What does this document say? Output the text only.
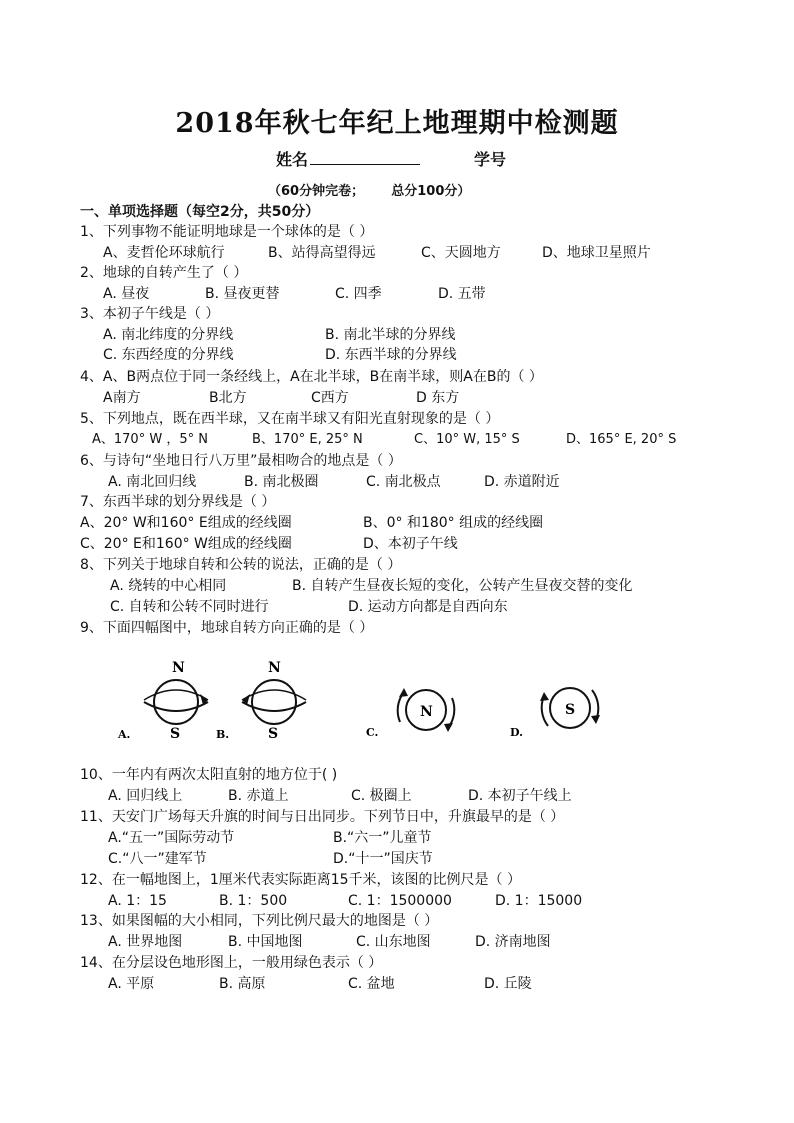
2018年秋七年纪上地理期中检测题
姓名	学号
（60分钟完卷；      总分100分）
一、单项选择题（每空2分，共50分）
1、下列事物不能证明地球是一个球体的是（ ）
A、麦哲伦环球航行	B、站得高望得远	C、天圆地方	D、地球卫星照片
2、地球的自转产生了（ ）
A. 昼夜	B. 昼夜更替	C. 四季	D. 五带
3、本初子午线是（ ）
A. 南北纬度的分界线	B. 南北半球的分界线
C. 东西经度的分界线	D. 东西半球的分界线
4、A、B两点位于同一条经线上，A在北半球，B在南半球，则A在B的（ ）
A南方	B北方	C西方	D 东方
5、下列地点，既在西半球，又在南半球又有阳光直射现象的是（ ）
A、170° W ，5° N	B、170° E, 25° N	C、10° W, 15° S	D、165° E, 20° S
6、与诗句“坐地日行八万里”最相吻合的地点是（ ）
A. 南北回归线	B. 南北极圈	C. 南北极点	D. 赤道附近
7、东西半球的划分界线是（ ）
A、20° W和160° E组成的经线圈	B、0° 和180° 组成的经线圈
C、20° E和160° W组成的经线圈	D、本初子午线
8、下列关于地球自转和公转的说法，正确的是（ ）
A. 绕转的中心相同	B. 自转产生昼夜长短的变化，公转产生昼夜交替的变化
C. 自转和公转不同时进行	D. 运动方向都是自西向东
9、下面四幅图中，地球自转方向正确的是（ ）
N
S
A.
N
S
B.
N
C.
S
D.
10、一年内有两次太阳直射的地方位于( )
A. 回归线上	B. 赤道上	C. 极圈上	D. 本初子午线上
11、天安门广场每天升旗的时间与日出同步。下列节日中，升旗最早的是（ ）
A.“五一”国际劳动节	B.“六一”儿童节
C.“八一”建军节	D.“十一”国庆节
12、在一幅地图上，1厘米代表实际距离15千米，该图的比例尺是（ ）
A. 1：15	B. 1：500	C. 1：1500000	D. 1：15000
13、如果图幅的大小相同，下列比例尺最大的地图是（ ）
A. 世界地图	B. 中国地图	C. 山东地图	D. 济南地图
14、在分层设色地形图上，一般用绿色表示（ ）
A. 平原	B. 高原	C. 盆地	D. 丘陵
